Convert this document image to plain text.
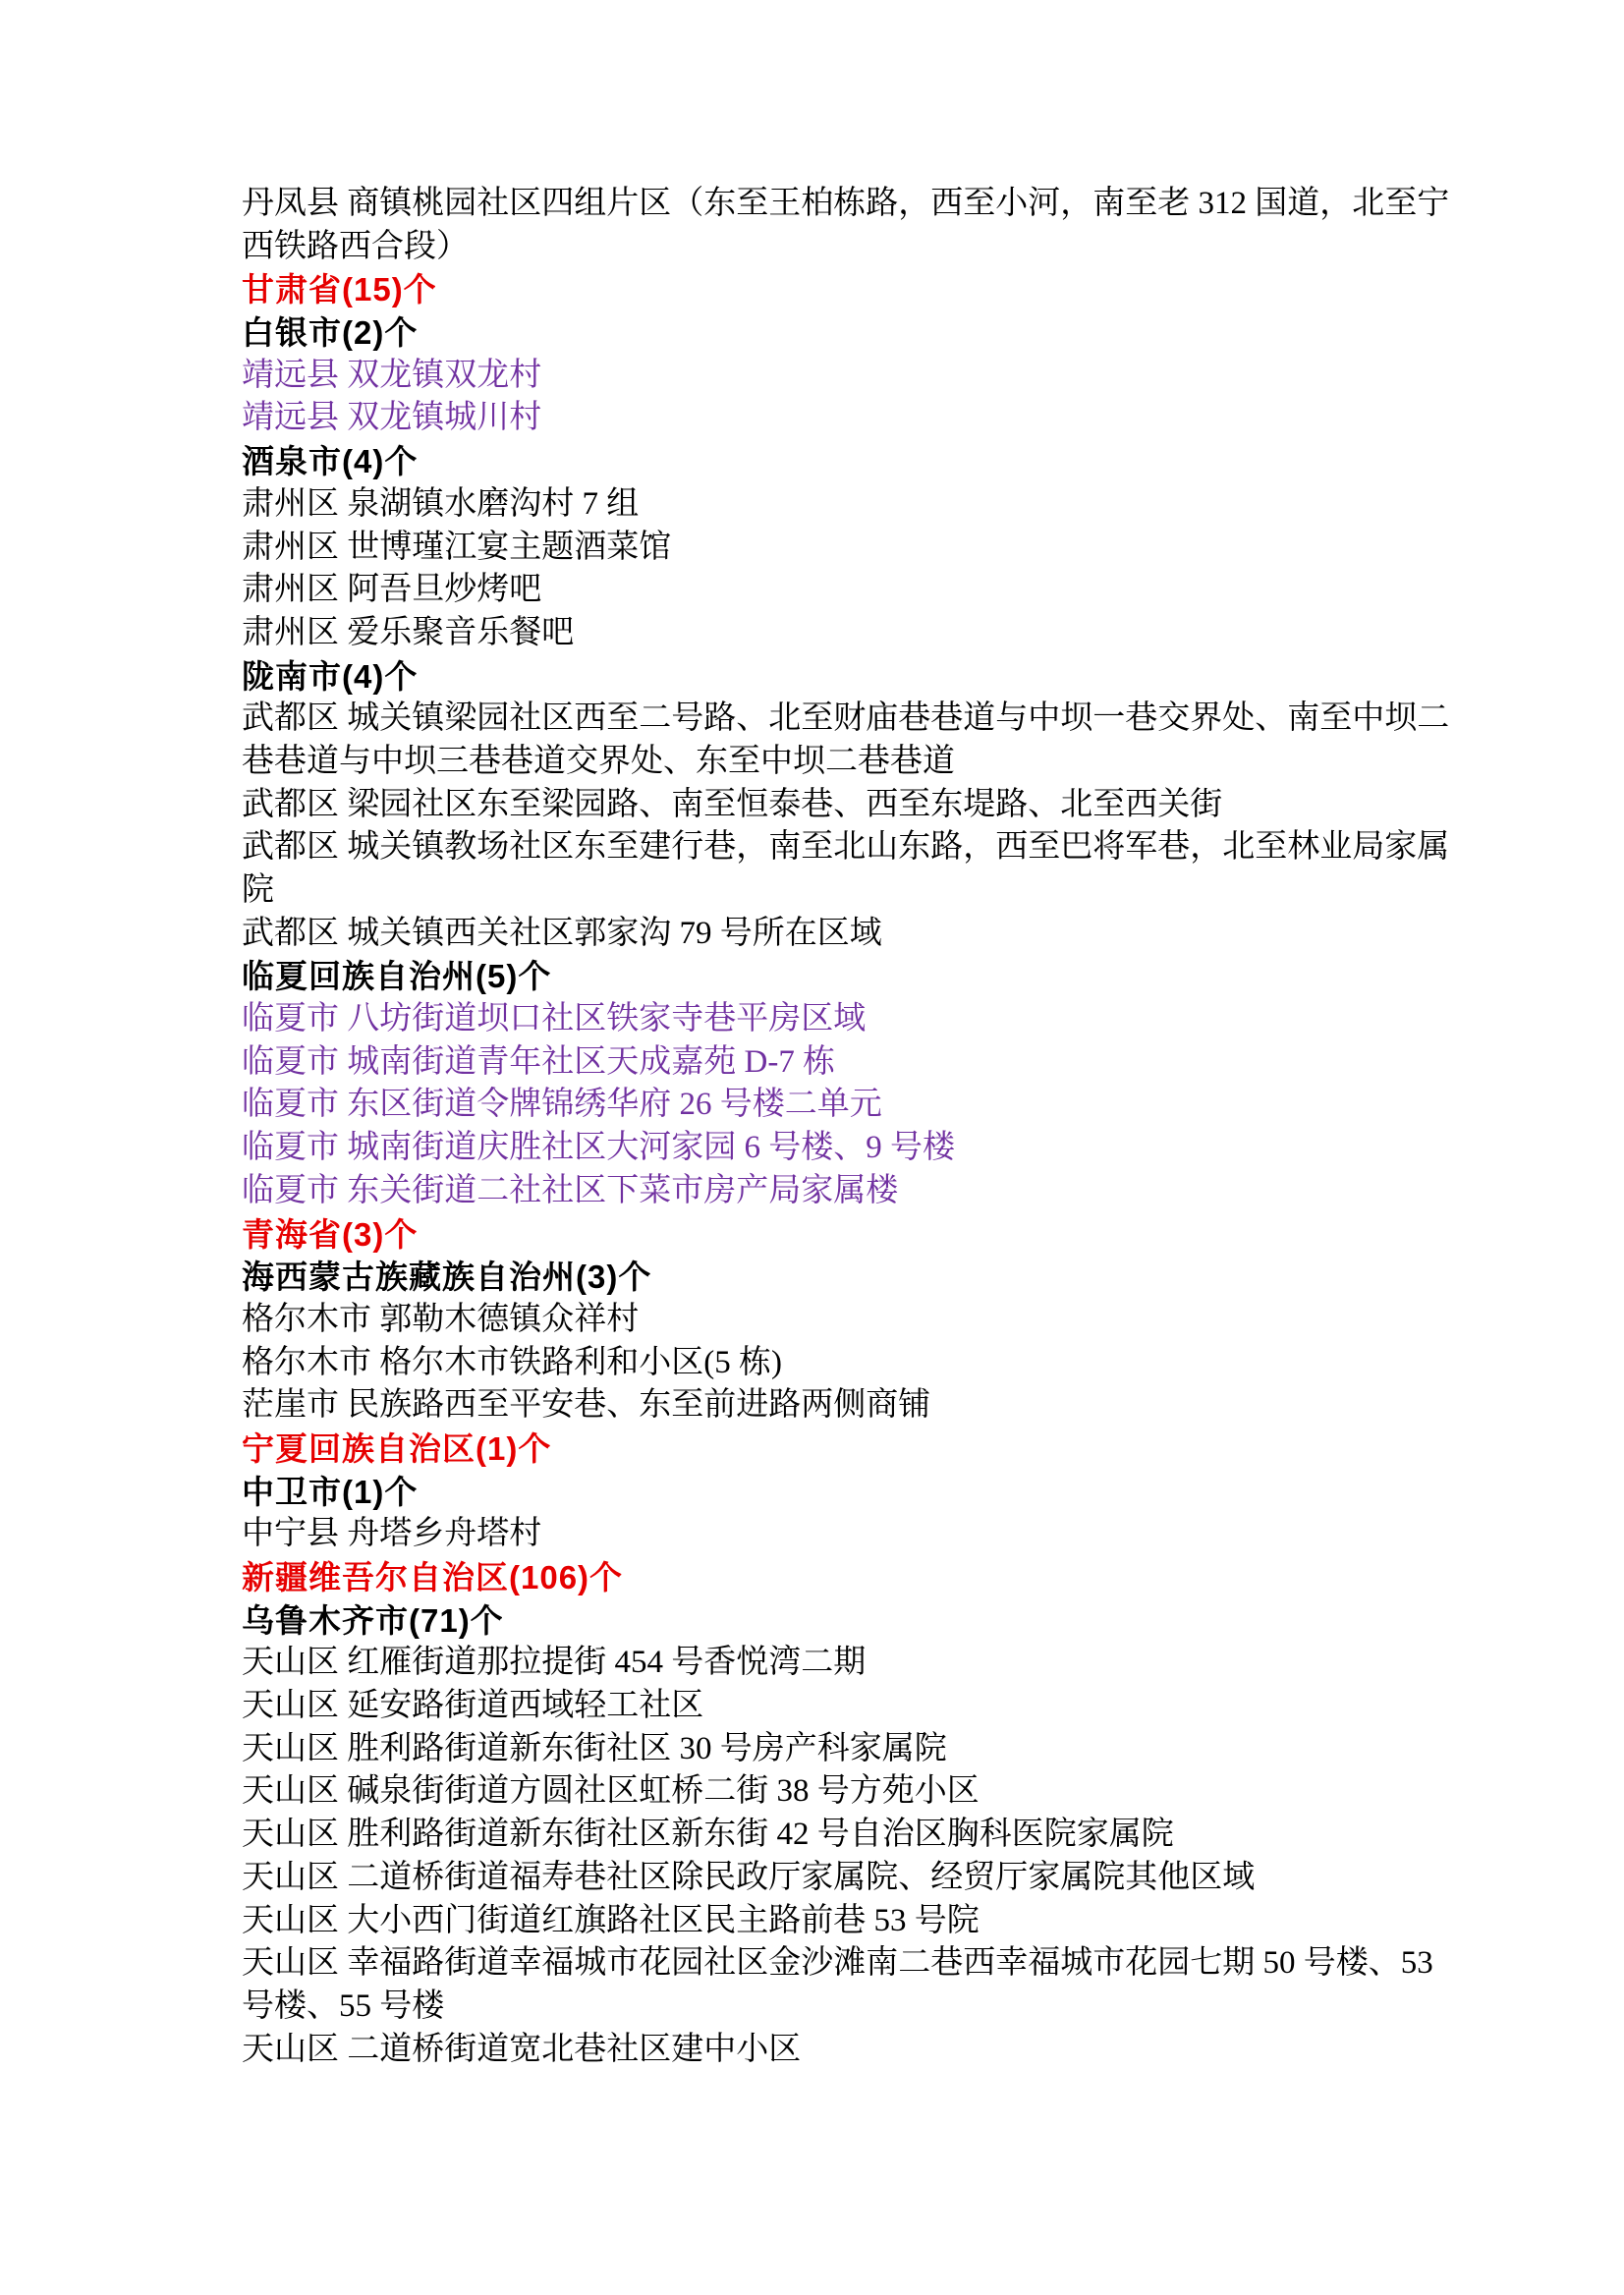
丹凤县 商镇桃园社区四组片区（东至王柏栋路，西至小河，南至老 312 国道，北至宁
西铁路西合段）
甘肃省(15)个
白银市(2)个
靖远县 双龙镇双龙村
靖远县 双龙镇城川村
酒泉市(4)个
肃州区 泉湖镇水磨沟村 7 组
肃州区 世博瑾江宴主题酒菜馆
肃州区 阿吾旦炒烤吧
肃州区 爱乐聚音乐餐吧
陇南市(4)个
武都区 城关镇梁园社区西至二号路、北至财庙巷巷道与中坝一巷交界处、南至中坝二
巷巷道与中坝三巷巷道交界处、东至中坝二巷巷道
武都区 梁园社区东至梁园路、南至恒泰巷、西至东堤路、北至西关街
武都区 城关镇教场社区东至建行巷，南至北山东路，西至巴将军巷，北至林业局家属
院
武都区 城关镇西关社区郭家沟 79 号所在区域
临夏回族自治州(5)个
临夏市 八坊街道坝口社区铁家寺巷平房区域
临夏市 城南街道青年社区天成嘉苑 D-7 栋
临夏市 东区街道令牌锦绣华府 26 号楼二单元
临夏市 城南街道庆胜社区大河家园 6 号楼、9 号楼
临夏市 东关街道二社社区下菜市房产局家属楼
青海省(3)个
海西蒙古族藏族自治州(3)个
格尔木市 郭勒木德镇众祥村
格尔木市 格尔木市铁路利和小区(5 栋)
茫崖市 民族路西至平安巷、东至前进路两侧商铺
宁夏回族自治区(1)个
中卫市(1)个
中宁县 舟塔乡舟塔村
新疆维吾尔自治区(106)个
乌鲁木齐市(71)个
天山区 红雁街道那拉提街 454 号香悦湾二期
天山区 延安路街道西域轻工社区
天山区 胜利路街道新东街社区 30 号房产科家属院
天山区 碱泉街街道方圆社区虹桥二街 38 号方苑小区
天山区 胜利路街道新东街社区新东街 42 号自治区胸科医院家属院
天山区 二道桥街道福寿巷社区除民政厅家属院、经贸厅家属院其他区域
天山区 大小西门街道红旗路社区民主路前巷 53 号院
天山区 幸福路街道幸福城市花园社区金沙滩南二巷西幸福城市花园七期 50 号楼、53
号楼、55 号楼
天山区 二道桥街道宽北巷社区建中小区
